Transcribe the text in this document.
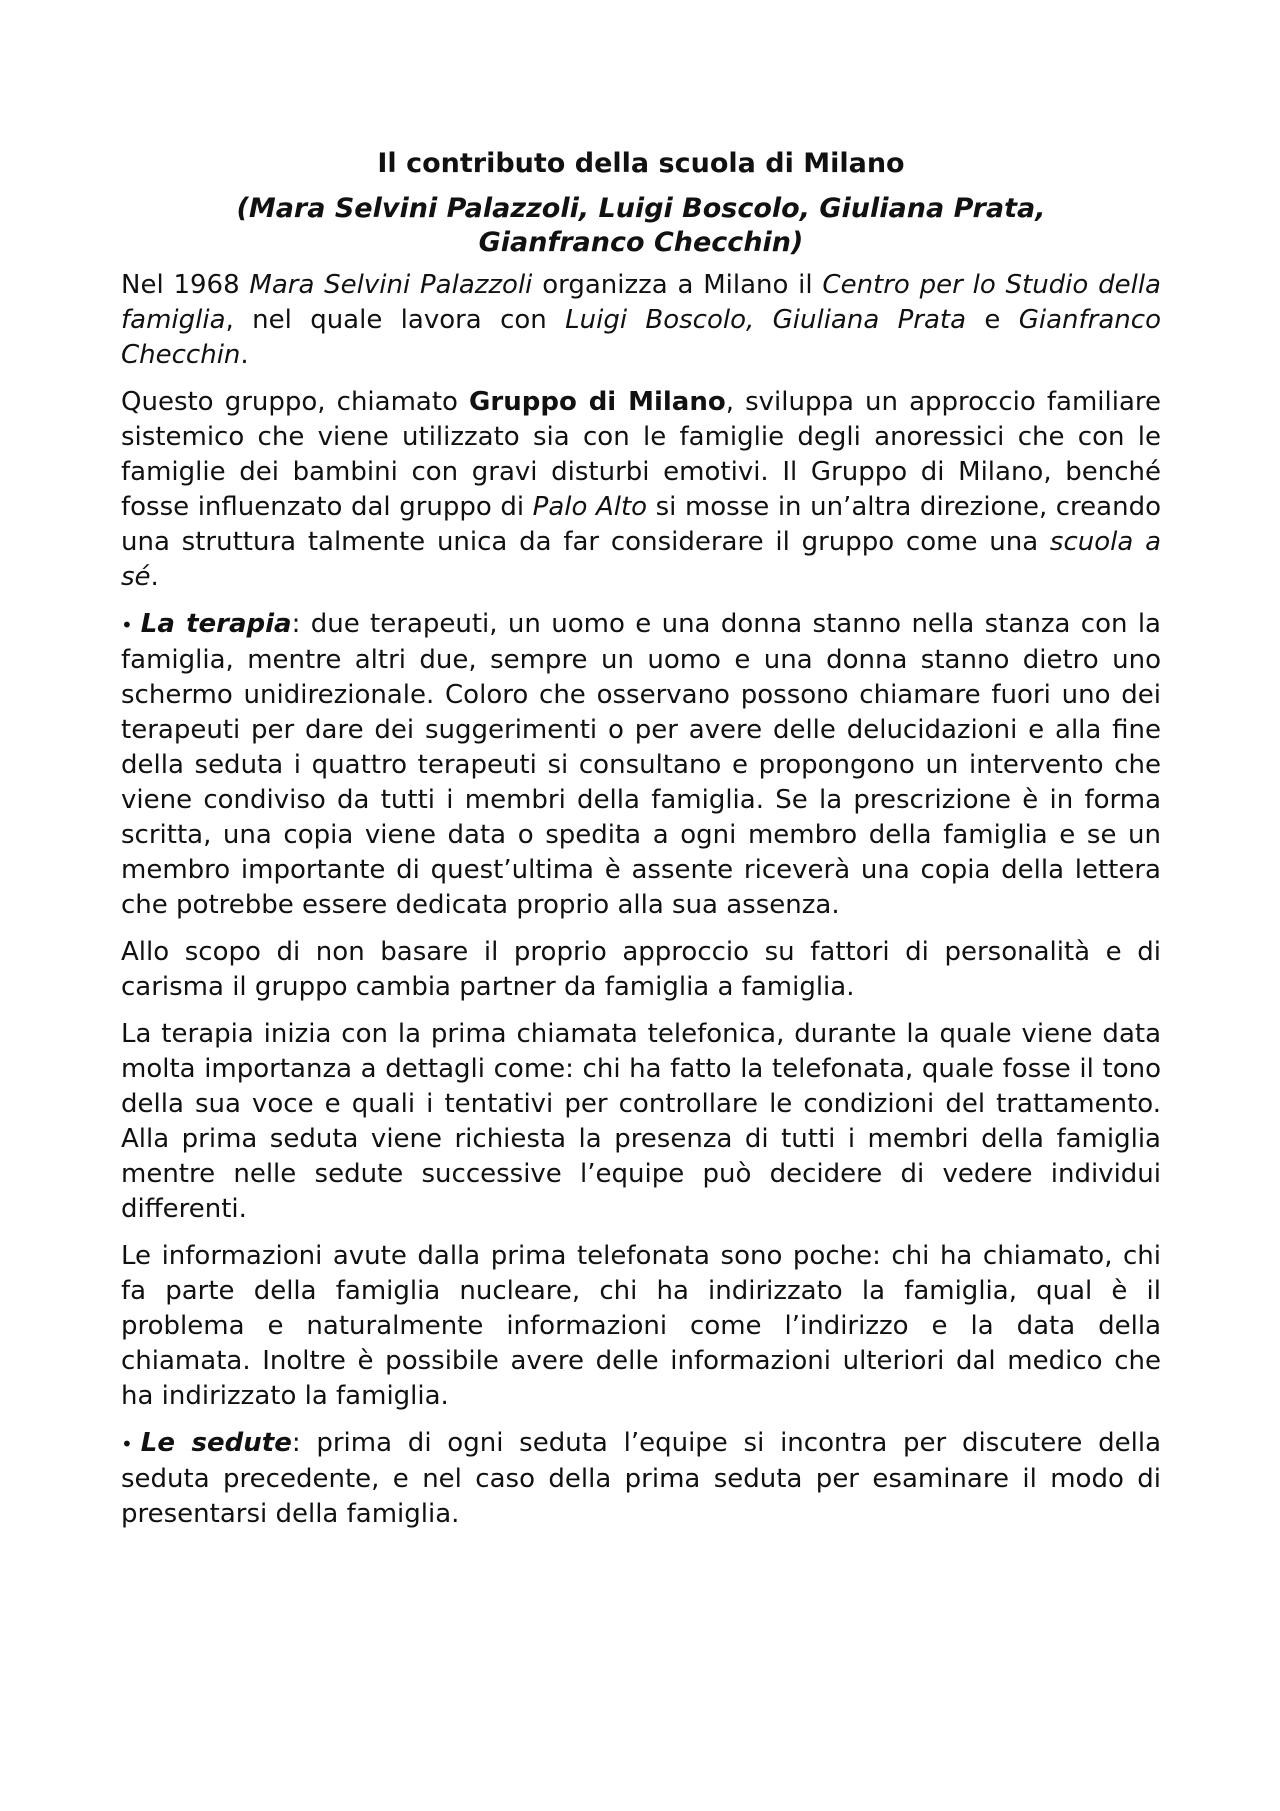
Il contributo della scuola di Milano
(Mara Selvini Palazzoli, Luigi Boscolo, Giuliana Prata,
Gianfranco Checchin)

Nel 1968 Mara Selvini Palazzoli organizza a Milano il Centro per lo Studio della famiglia, nel quale lavora con Luigi Boscolo, Giuliana Prata e Gianfranco Checchin.

Questo gruppo, chiamato Gruppo di Milano, sviluppa un approccio familiare sistemico che viene utilizzato sia con le famiglie degli anoressici che con le famiglie dei bambini con gravi disturbi emotivi. Il Gruppo di Milano, benché fosse influenzato dal gruppo di Palo Alto si mosse in un’altra direzione, creando una struttura talmente unica da far considerare il gruppo come una scuola a sé.

• La terapia: due terapeuti, un uomo e una donna stanno nella stanza con la famiglia, mentre altri due, sempre un uomo e una donna stanno dietro uno schermo unidirezionale. Coloro che osservano possono chiamare fuori uno dei terapeuti per dare dei suggerimenti o per avere delle delucidazioni e alla fine della seduta i quattro terapeuti si consultano e propongono un intervento che viene condiviso da tutti i membri della famiglia. Se la prescrizione è in forma scritta, una copia viene data o spedita a ogni membro della famiglia e se un membro importante di quest’ultima è assente riceverà una copia della lettera che potrebbe essere dedicata proprio alla sua assenza.

Allo scopo di non basare il proprio approccio su fattori di personalità e di carisma il gruppo cambia partner da famiglia a famiglia.

La terapia inizia con la prima chiamata telefonica, durante la quale viene data molta importanza a dettagli come: chi ha fatto la telefonata, quale fosse il tono della sua voce e quali i tentativi per controllare le condizioni del trattamento. Alla prima seduta viene richiesta la presenza di tutti i membri della famiglia mentre nelle sedute successive l’equipe può decidere di vedere individui differenti.

Le informazioni avute dalla prima telefonata sono poche: chi ha chiamato, chi fa parte della famiglia nucleare, chi ha indirizzato la famiglia, qual è il problema e naturalmente informazioni come l’indirizzo e la data della chiamata. Inoltre è possibile avere delle informazioni ulteriori dal medico che ha indirizzato la famiglia.

• Le sedute: prima di ogni seduta l’equipe si incontra per discutere della seduta precedente, e nel caso della prima seduta per esaminare il modo di presentarsi della famiglia.
